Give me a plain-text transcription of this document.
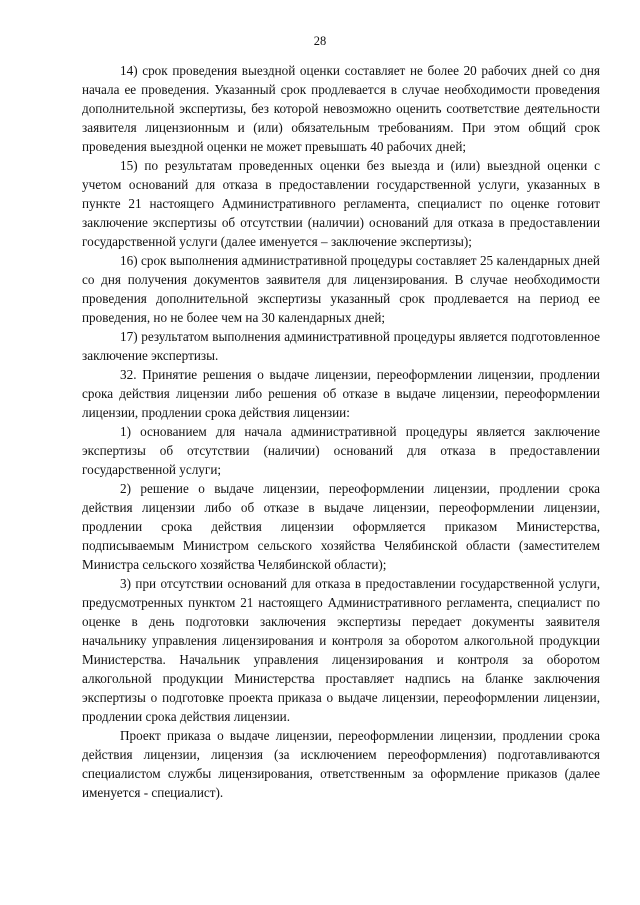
28

14) срок проведения выездной оценки составляет не более 20 рабочих дней со дня начала ее проведения. Указанный срок продлевается в случае необходимости проведения дополнительной экспертизы, без которой невозможно оценить соответствие деятельности заявителя лицензионным и (или) обязательным требованиям. При этом общий срок проведения выездной оценки не может превышать 40 рабочих дней;

15) по результатам проведенных оценки без выезда и (или) выездной оценки с учетом оснований для отказа в предоставлении государственной услуги, указанных в пункте 21 настоящего Административного регламента, специалист по оценке готовит заключение экспертизы об отсутствии (наличии) оснований для отказа в предоставлении государственной услуги (далее именуется – заключение экспертизы);

16) срок выполнения административной процедуры составляет 25 календарных дней со дня получения документов заявителя для лицензирования. В случае необходимости проведения дополнительной экспертизы указанный срок продлевается на период ее проведения, но не более чем на 30 календарных дней;

17) результатом выполнения административной процедуры является подготовленное заключение экспертизы.

32. Принятие решения о выдаче лицензии, переоформлении лицензии, продлении срока действия лицензии либо решения об отказе в выдаче лицензии, переоформлении лицензии, продлении срока действия лицензии:

1) основанием для начала административной процедуры является заключение экспертизы об отсутствии (наличии) оснований для отказа в предоставлении государственной услуги;

2) решение о выдаче лицензии, переоформлении лицензии, продлении срока действия лицензии либо об отказе в выдаче лицензии, переоформлении лицензии, продлении срока действия лицензии оформляется приказом Министерства, подписываемым Министром сельского хозяйства Челябинской области (заместителем Министра сельского хозяйства Челябинской области);

3) при отсутствии оснований для отказа в предоставлении государственной услуги, предусмотренных пунктом 21 настоящего Административного регламента, специалист по оценке в день подготовки заключения экспертизы передает документы заявителя начальнику управления лицензирования и контроля за оборотом алкогольной продукции Министерства. Начальник управления лицензирования и контроля за оборотом алкогольной продукции Министерства проставляет надпись на бланке заключения экспертизы о подготовке проекта приказа о выдаче лицензии, переоформлении лицензии, продлении срока действия лицензии.

Проект приказа о выдаче лицензии, переоформлении лицензии, продлении срока действия лицензии, лицензия (за исключением переоформления) подготавливаются специалистом службы лицензирования, ответственным за оформление приказов (далее именуется - специалист).
